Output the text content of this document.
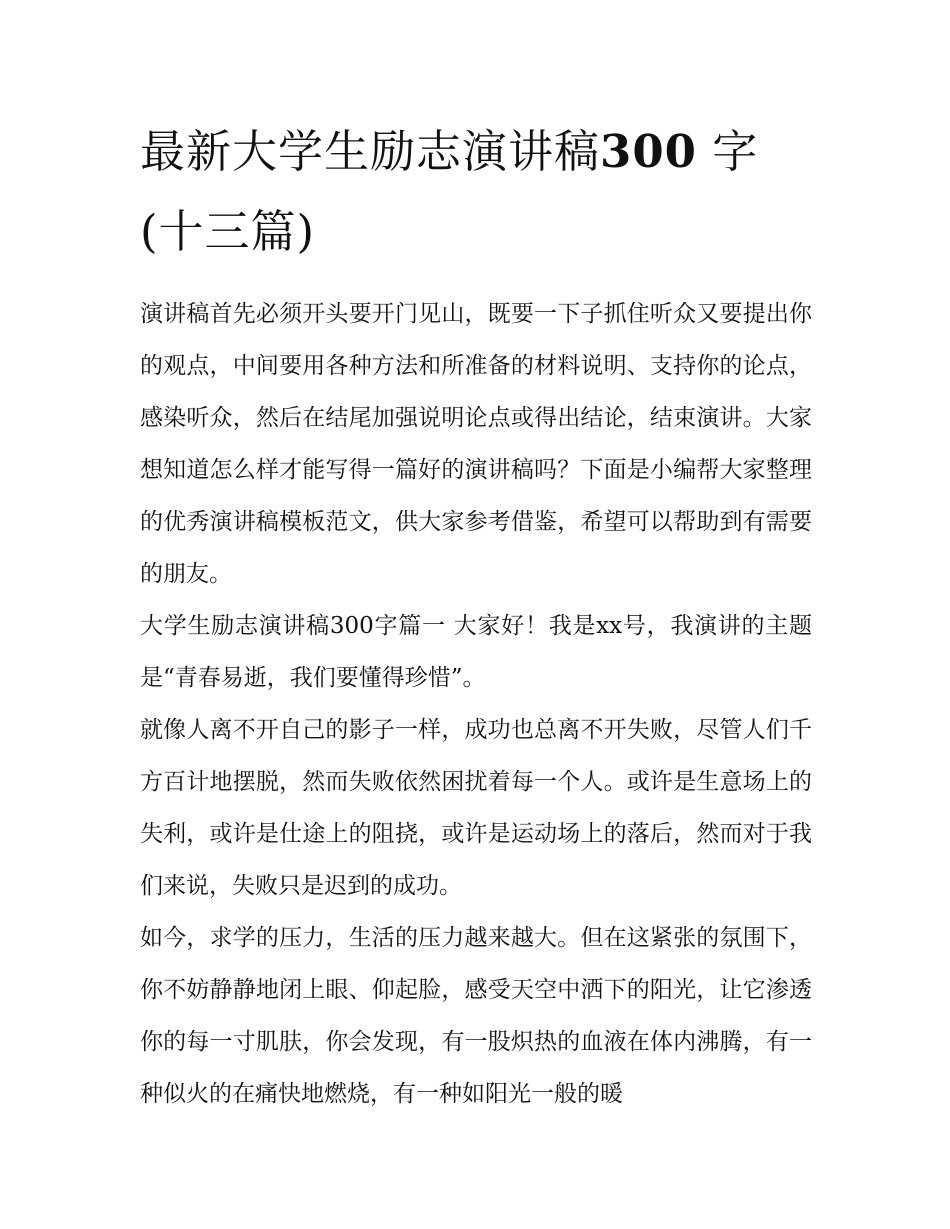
最新大学生励志演讲稿300 字
(十三篇)

演讲稿首先必须开头要开门见山，既要一下子抓住听众又要提出你的观点，中间要用各种方法和所准备的材料说明、支持你的论点，感染听众，然后在结尾加强说明论点或得出结论，结束演讲。大家想知道怎么样才能写得一篇好的演讲稿吗？下面是小编帮大家整理的优秀演讲稿模板范文，供大家参考借鉴，希望可以帮助到有需要的朋友。

大学生励志演讲稿300字篇一 大家好！我是xx号，我演讲的主题是“青春易逝，我们要懂得珍惜”。

就像人离不开自己的影子一样，成功也总离不开失败，尽管人们千方百计地摆脱，然而失败依然困扰着每一个人。或许是生意场上的失利，或许是仕途上的阻挠，或许是运动场上的落后，然而对于我们来说，失败只是迟到的成功。

如今，求学的压力，生活的压力越来越大。但在这紧张的氛围下，你不妨静静地闭上眼、仰起脸，感受天空中洒下的阳光，让它渗透你的每一寸肌肤，你会发现，有一股炽热的血液在体内沸腾，有一种似火的在痛快地燃烧，有一种如阳光一般的暖
